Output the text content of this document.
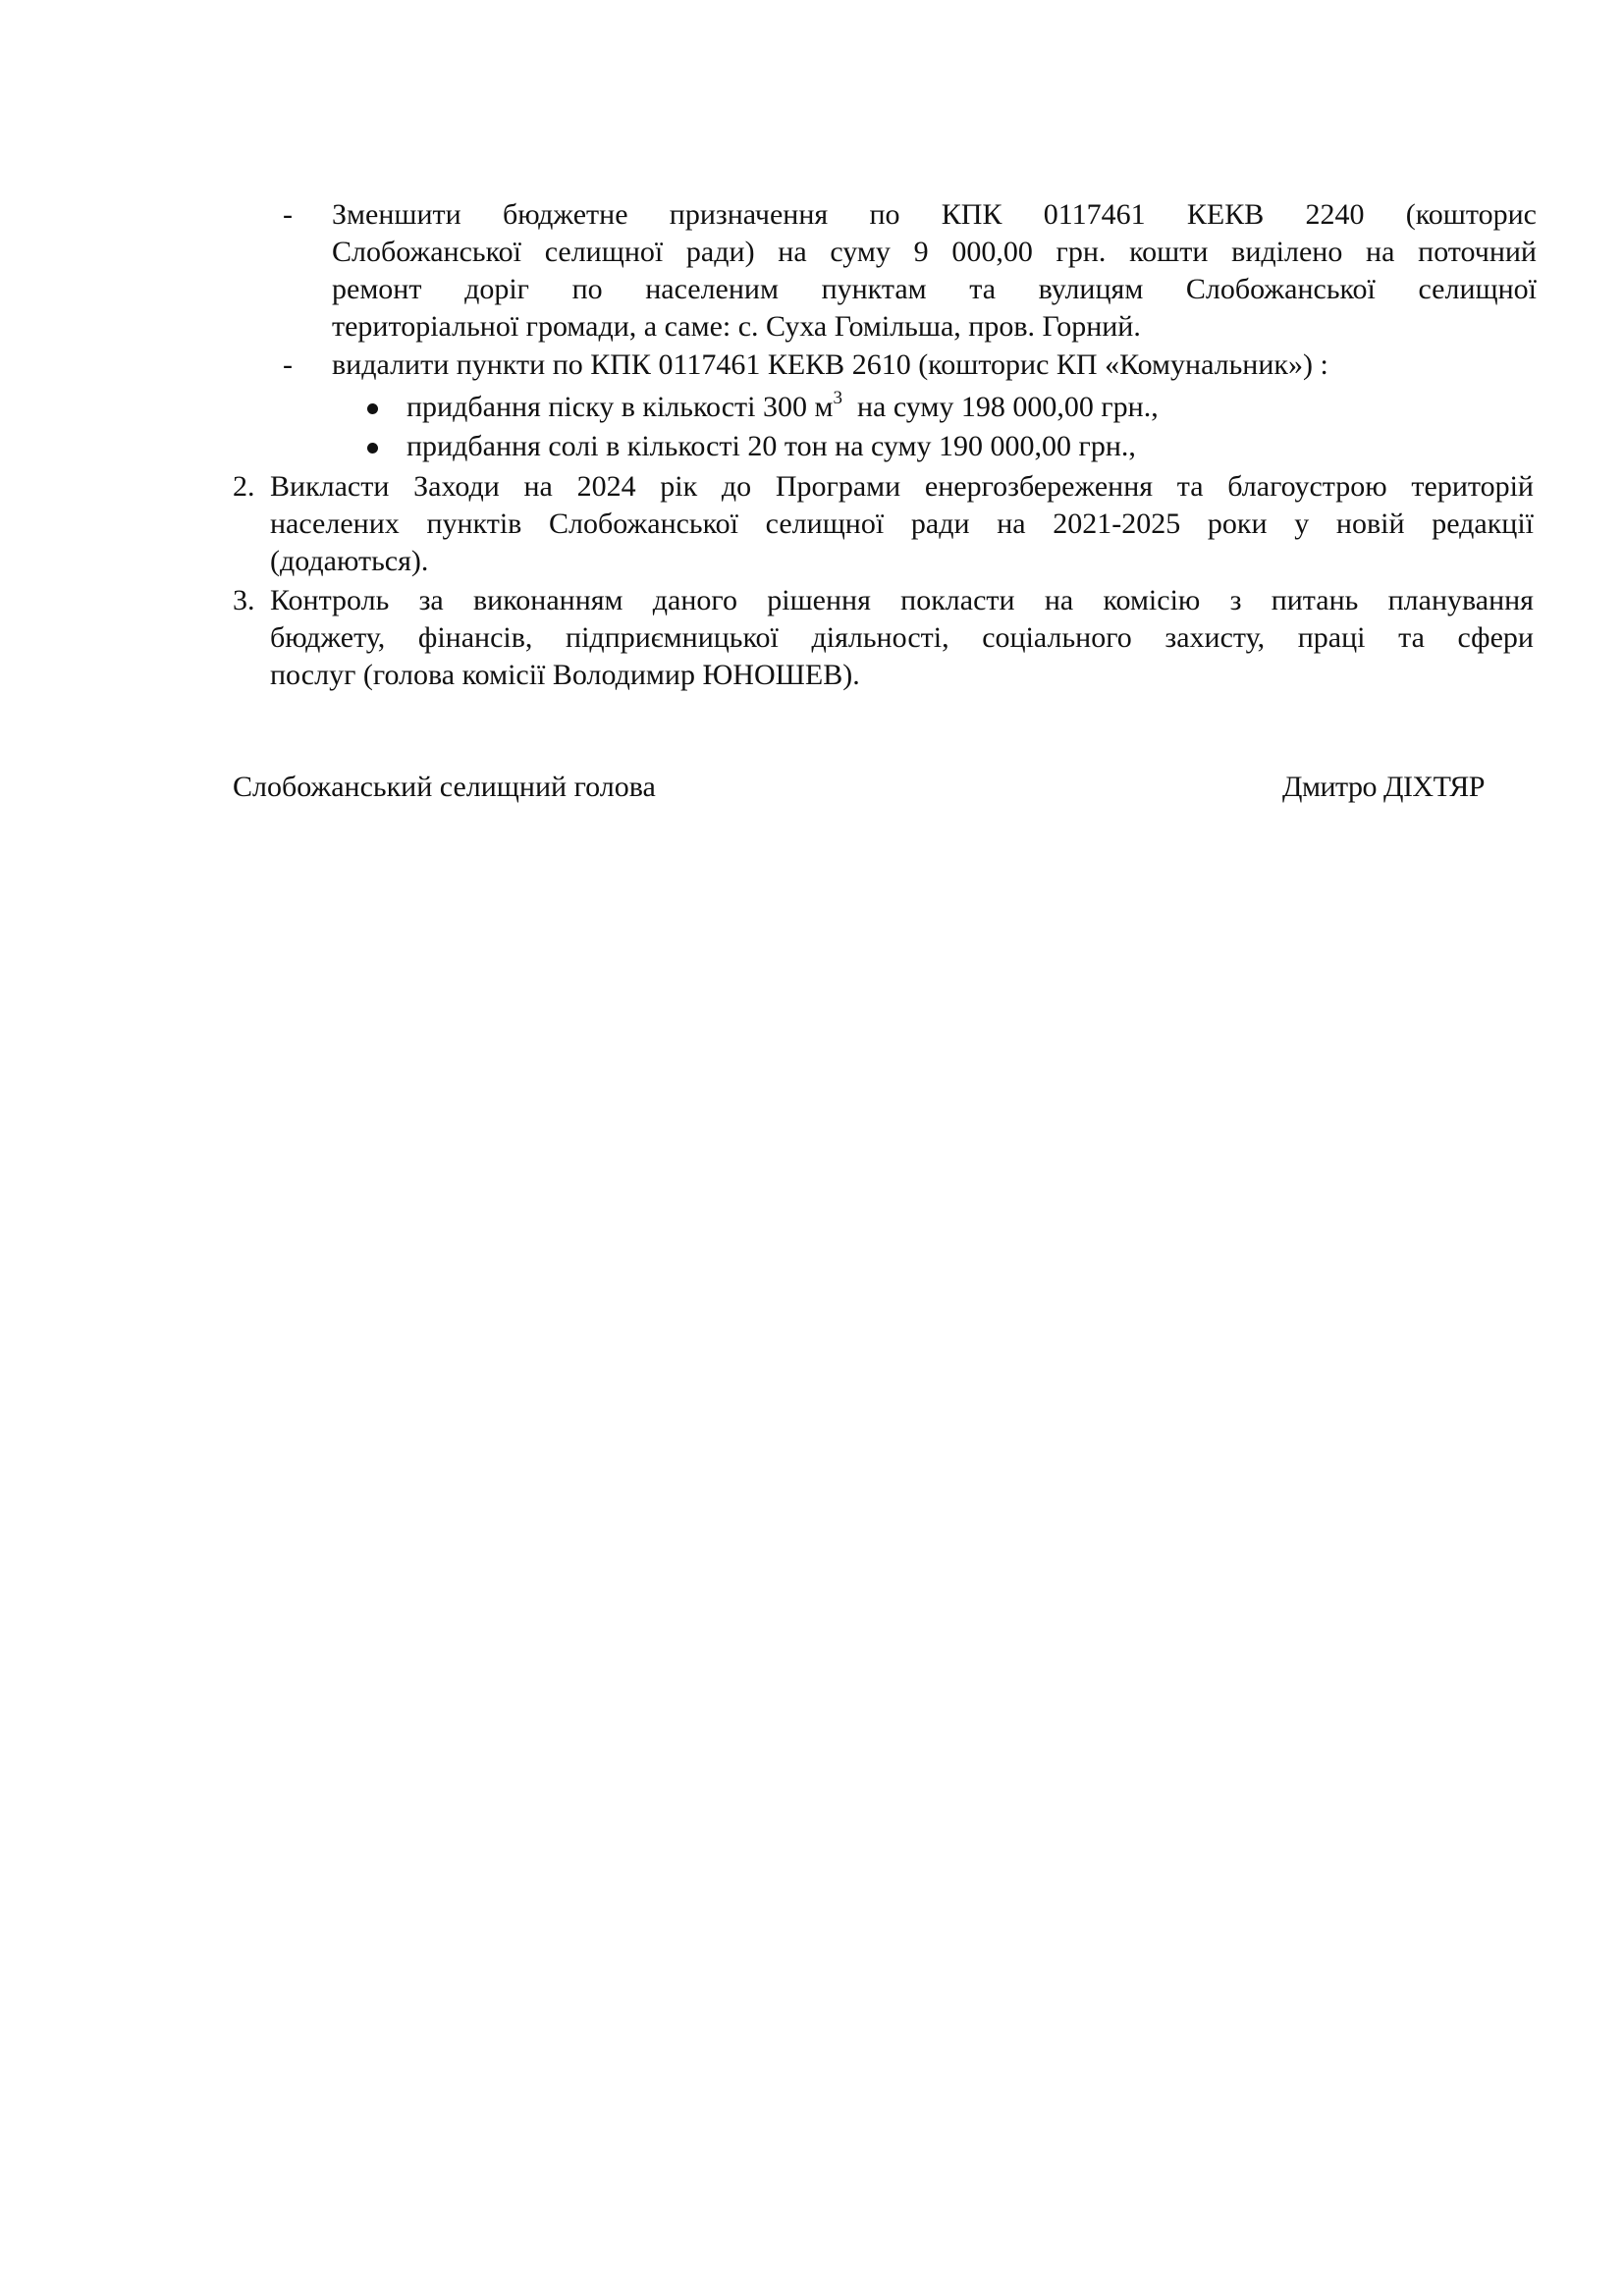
-	Зменшити бюджетне призначення по КПК 0117461 КЕКВ 2240 (кошторис
Слобожанської селищної ради) на суму 9 000,00 грн. кошти виділено на поточний
ремонт доріг по населеним пунктам та вулицям Слобожанської селищної
територіальної громади, а саме: с. Суха Гомільша, пров. Горний.
-	видалити пункти по КПК 0117461 КЕКВ 2610 (кошторис КП «Комунальник») :
придбання піску в кількості 300 $м^3$  на суму 198 000,00 грн.,
придбання солі в кількості 20 тон на суму 190 000,00 грн.,
2. Викласти Заходи на 2024 рік до Програми енергозбереження та благоустрою територій
населених пунктів Слобожанської селищної ради на 2021-2025 роки у новій редакції
(додаються).
3. Контроль за виконанням даного рішення покласти на комісію з питань планування
бюджету, фінансів, підприємницької діяльності, соціального захисту, праці та сфери
послуг (голова комісії Володимир ЮНОШЕВ).
Слобожанський селищний голова	Дмитро ДІХТЯР
